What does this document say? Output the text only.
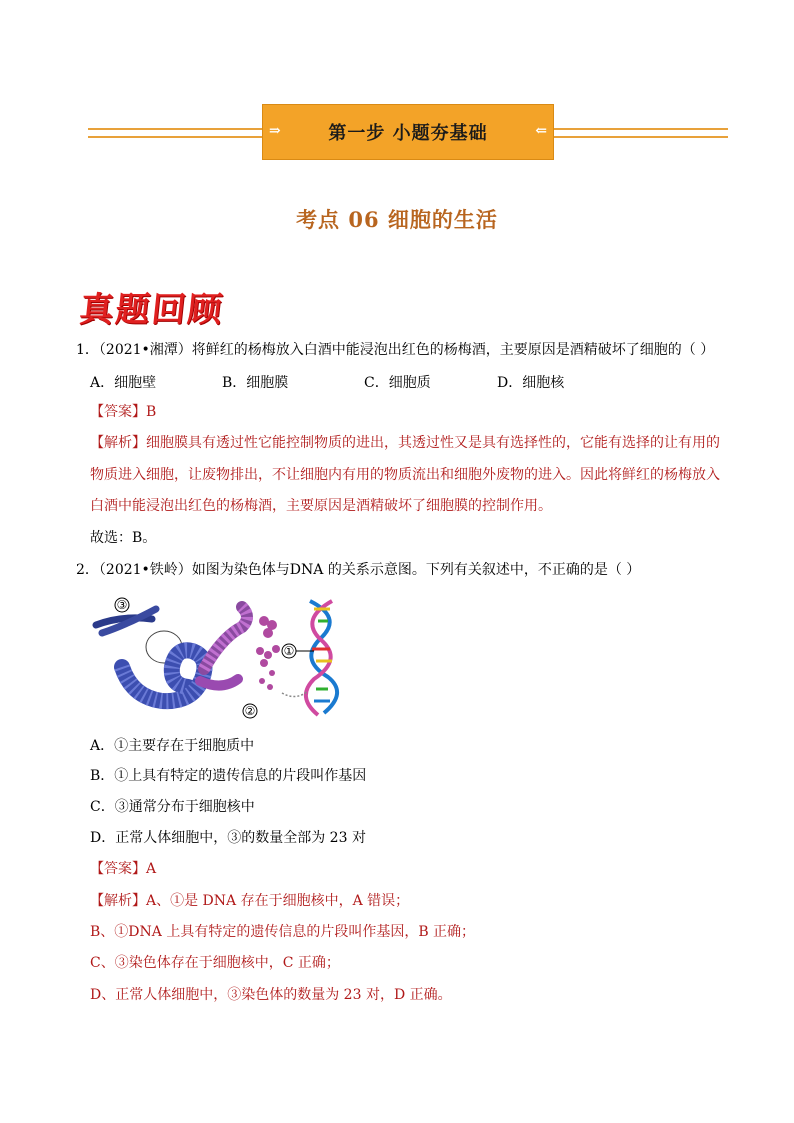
⇒	第一步 小题夯基础	⇐
考点 06 细胞的生活
真题回顾
1．（2021•湘潭）将鲜红的杨梅放入白酒中能浸泡出红色的杨梅酒，主要原因是酒精破坏了细胞的（ ）
A．细胞壁	B．细胞膜	C．细胞质	D．细胞核
【答案】B
【解析】细胞膜具有透过性它能控制物质的进出，其透过性又是具有选择性的，它能有选择的让有用的
物质进入细胞，让废物排出，不让细胞内有用的物质流出和细胞外废物的进入。因此将鲜红的杨梅放入
白酒中能浸泡出红色的杨梅酒，主要原因是酒精破坏了细胞膜的控制作用。
故选：B。
2．（2021•铁岭）如图为染色体与DNA 的关系示意图。下列有关叙述中，不正确的是（ ）
③
①
②
A．①主要存在于细胞质中
B．①上具有特定的遗传信息的片段叫作基因
C．③通常分布于细胞核中
D．正常人体细胞中，③的数量全部为 23 对
【答案】A
【解析】A、①是 DNA 存在于细胞核中，A 错误；
B、①DNA 上具有特定的遗传信息的片段叫作基因，B 正确；
C、③染色体存在于细胞核中，C 正确；
D、正常人体细胞中，③染色体的数量为 23 对，D 正确。
